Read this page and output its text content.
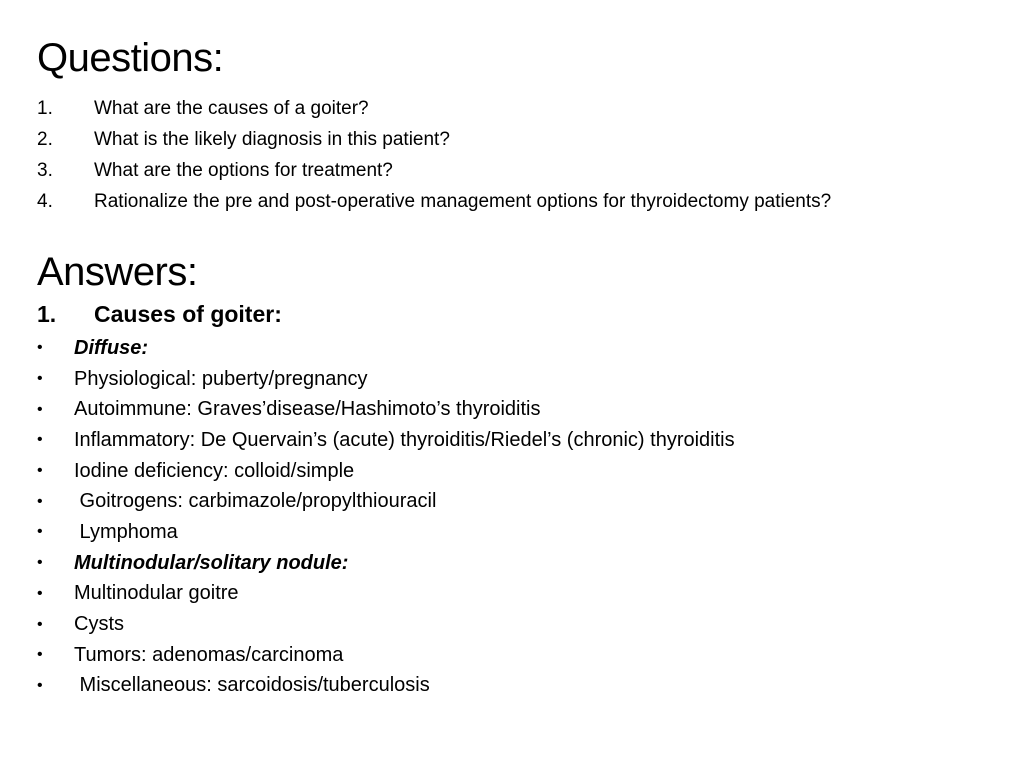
Questions:
1.	What are the causes of a goiter?
2.	What is the likely diagnosis in this patient?
3.	What are the options for treatment?
4.	Rationalize the pre and post-operative management options for thyroidectomy patients?
Answers:
1.	Causes of goiter:
•	Diffuse:
•	Physiological: puberty/pregnancy
•	Autoimmune: Graves’disease/Hashimoto’s thyroiditis
•	Inflammatory: De Quervain’s (acute) thyroiditis/Riedel’s (chronic) thyroiditis
•	Iodine deficiency: colloid/simple
•	Goitrogens: carbimazole/propylthiouracil
•	Lymphoma
•	Multinodular/solitary nodule:
•	Multinodular goitre
•	Cysts
•	Tumors: adenomas/carcinoma
•	Miscellaneous: sarcoidosis/tuberculosis
